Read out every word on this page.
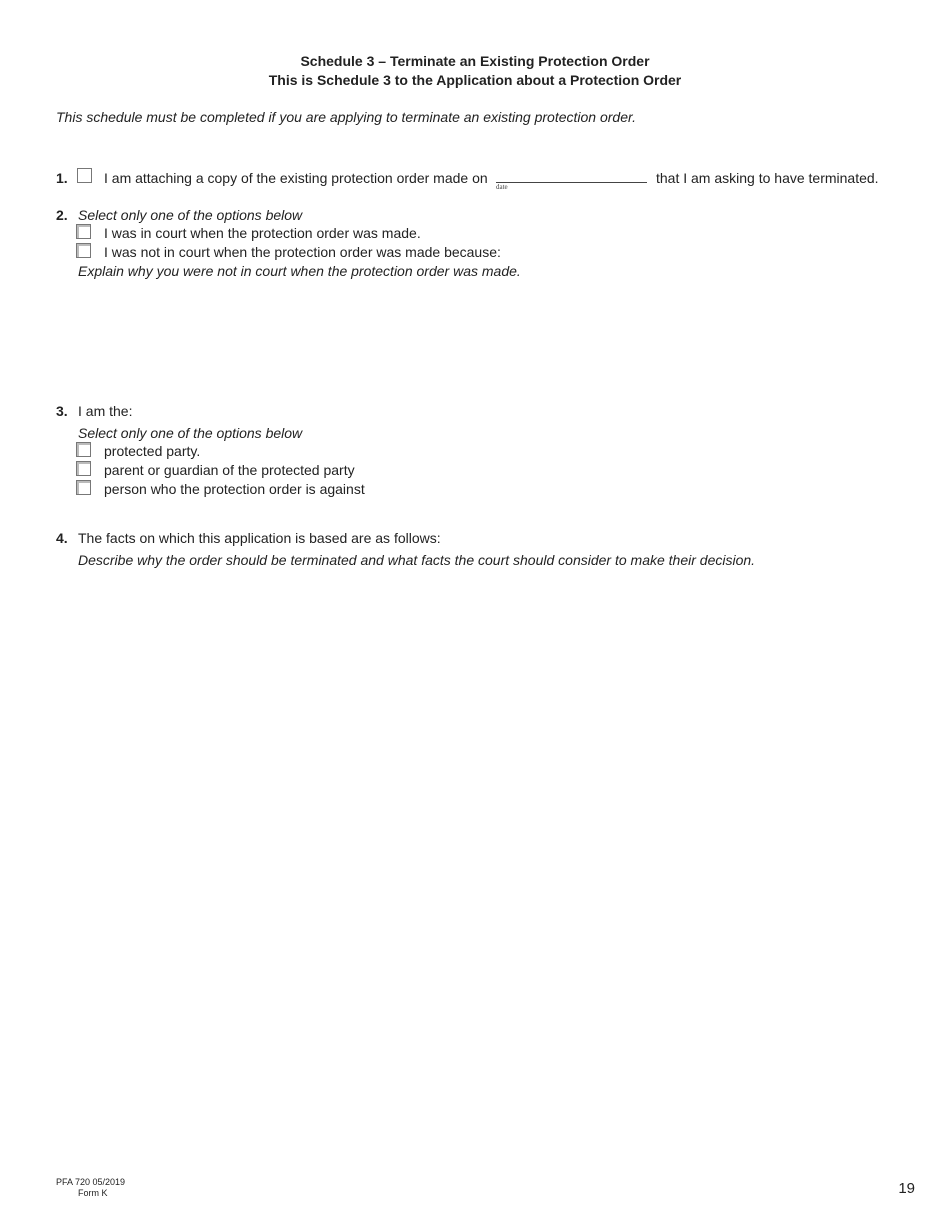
Schedule 3 – Terminate an Existing Protection Order
This is Schedule 3 to the Application about a Protection Order
This schedule must be completed if you are applying to terminate an existing protection order.
1.	I am attaching a copy of the existing protection order made on
date
that I am asking to have terminated.
2. Select only one of the options below
I was in court when the protection order was made.
I was not in court when the protection order was made because:
Explain why you were not in court when the protection order was made.
3. I am the:
Select only one of the options below
protected party.
parent or guardian of the protected party
person who the protection order is against
4. The facts on which this application is based are as follows:
Describe why the order should be terminated and what facts the court should consider to make their decision.
PFA 720 05/2019
Form K	19
